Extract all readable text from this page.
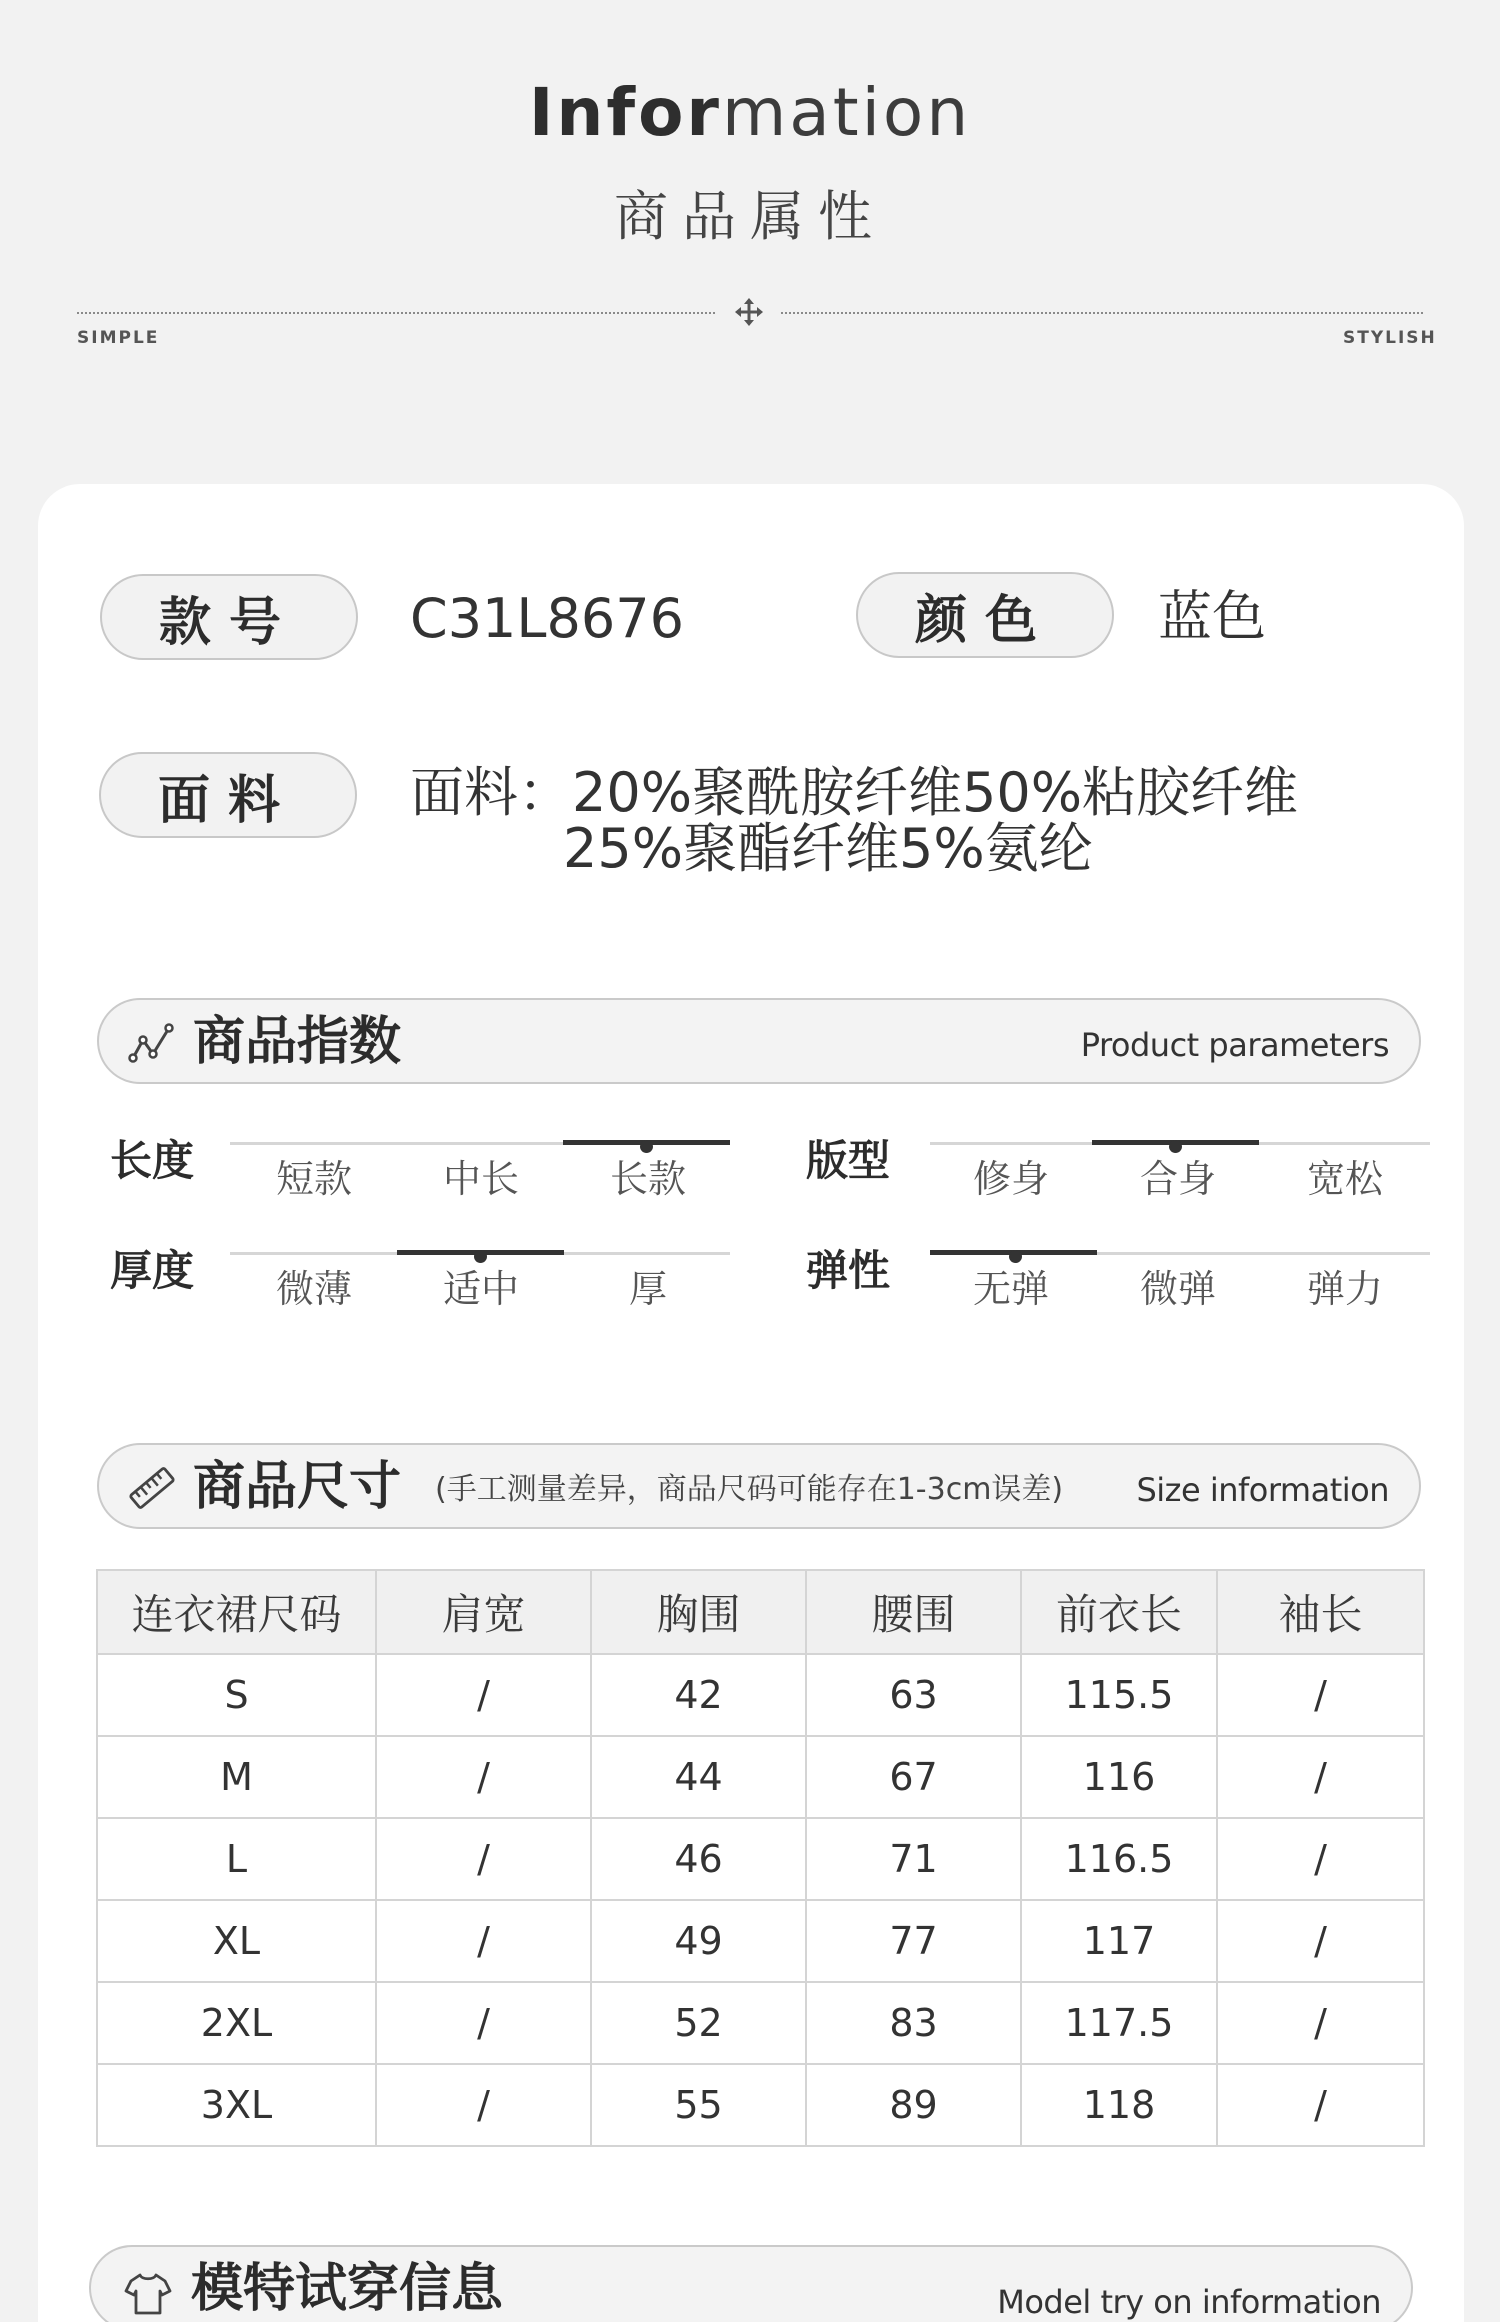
Information
商品属性
SIMPLE	STYLISH
款号	C31L8676	颜色	蓝色
面料	面料：20%聚酰胺纤维50%粘胶纤维
25%聚酯纤维5%氨纶
商品指数	Product parameters
长度	短款	中长	长款	版型	修身	合身	宽松
厚度	微薄	适中	厚	弹性	无弹	微弹	弹力
商品尺寸 (手工测量差异，商品尺码可能存在1-3cm误差) Size information
连衣裙尺码	肩宽	胸围	腰围	前衣长	袖长
S	/	42	63	115.5	/
M	/	44	67	116	/
L	/	46	71	116.5	/
XL	/	49	77	117	/
2XL	/	52	83	117.5	/
3XL	/	55	89	118	/
模特试穿信息	Model try on information
